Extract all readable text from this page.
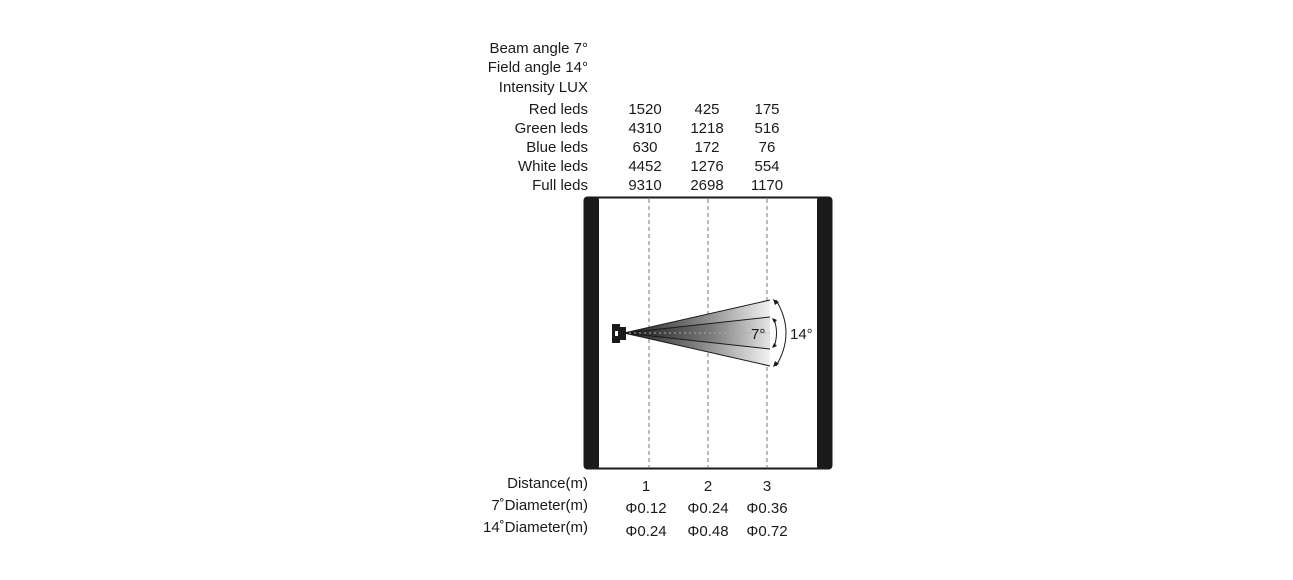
Beam angle 7°
Field angle 14°
Intensity LUX
Red leds	1520	425	175
Green leds	4310	1218	516
Blue leds	630	172	76
White leds	4452	1276	554
Full leds	9310	2698	1170
7° 14°
Distance(m)	1	2	3
7˚Diameter(m)	Φ0.12	Φ0.24	Φ0.36
14˚Diameter(m)	Φ0.24	Φ0.48	Φ0.72
